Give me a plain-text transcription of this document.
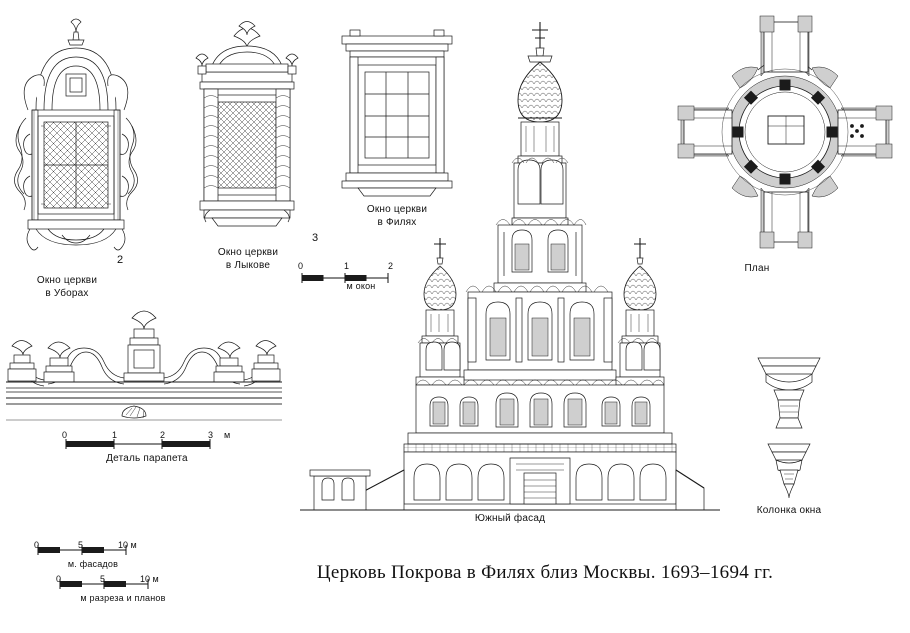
2
Окно церкви
в Уборах
3
Окно церкви
в Лыкове
Окно церкви
в Филях
0	1	2
м окон
0	1	2	3 м
Деталь парапета
Южный фасад
План
Колонка окна
0	5	10 м
м. фасадов
0	5	10 м
м разреза и планов
Церковь Покрова в Филях близ Москвы. 1693–1694 гг.
